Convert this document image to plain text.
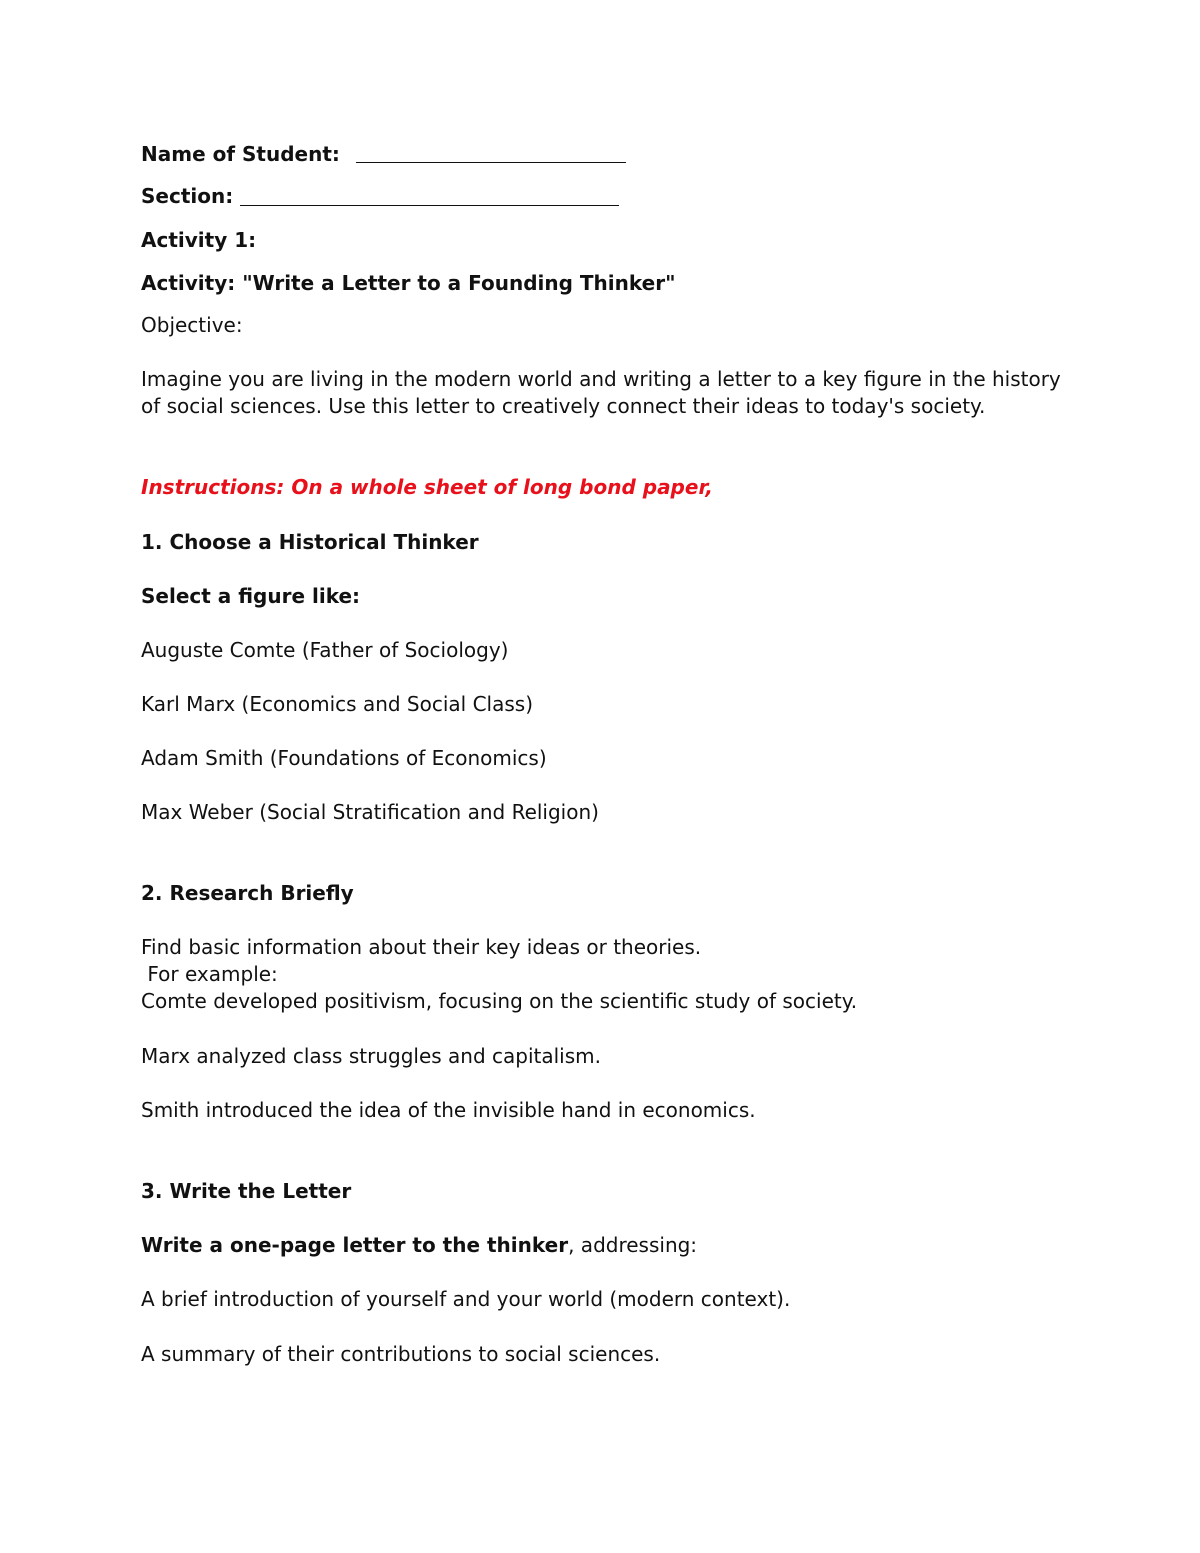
Name of Student:
Section:
Activity 1:
Activity: "Write a Letter to a Founding Thinker"
Objective:
Imagine you are living in the modern world and writing a letter to a key figure in the history of social sciences. Use this letter to creatively connect their ideas to today's society.
Instructions: On a whole sheet of long bond paper,
1. Choose a Historical Thinker
Select a figure like:
Auguste Comte (Father of Sociology)
Karl Marx (Economics and Social Class)
Adam Smith (Foundations of Economics)
Max Weber (Social Stratification and Religion)
2. Research Briefly
Find basic information about their key ideas or theories.
For example:
Comte developed positivism, focusing on the scientific study of society.
Marx analyzed class struggles and capitalism.
Smith introduced the idea of the invisible hand in economics.
3. Write the Letter
Write a one-page letter to the thinker, addressing:
A brief introduction of yourself and your world (modern context).
A summary of their contributions to social sciences.
